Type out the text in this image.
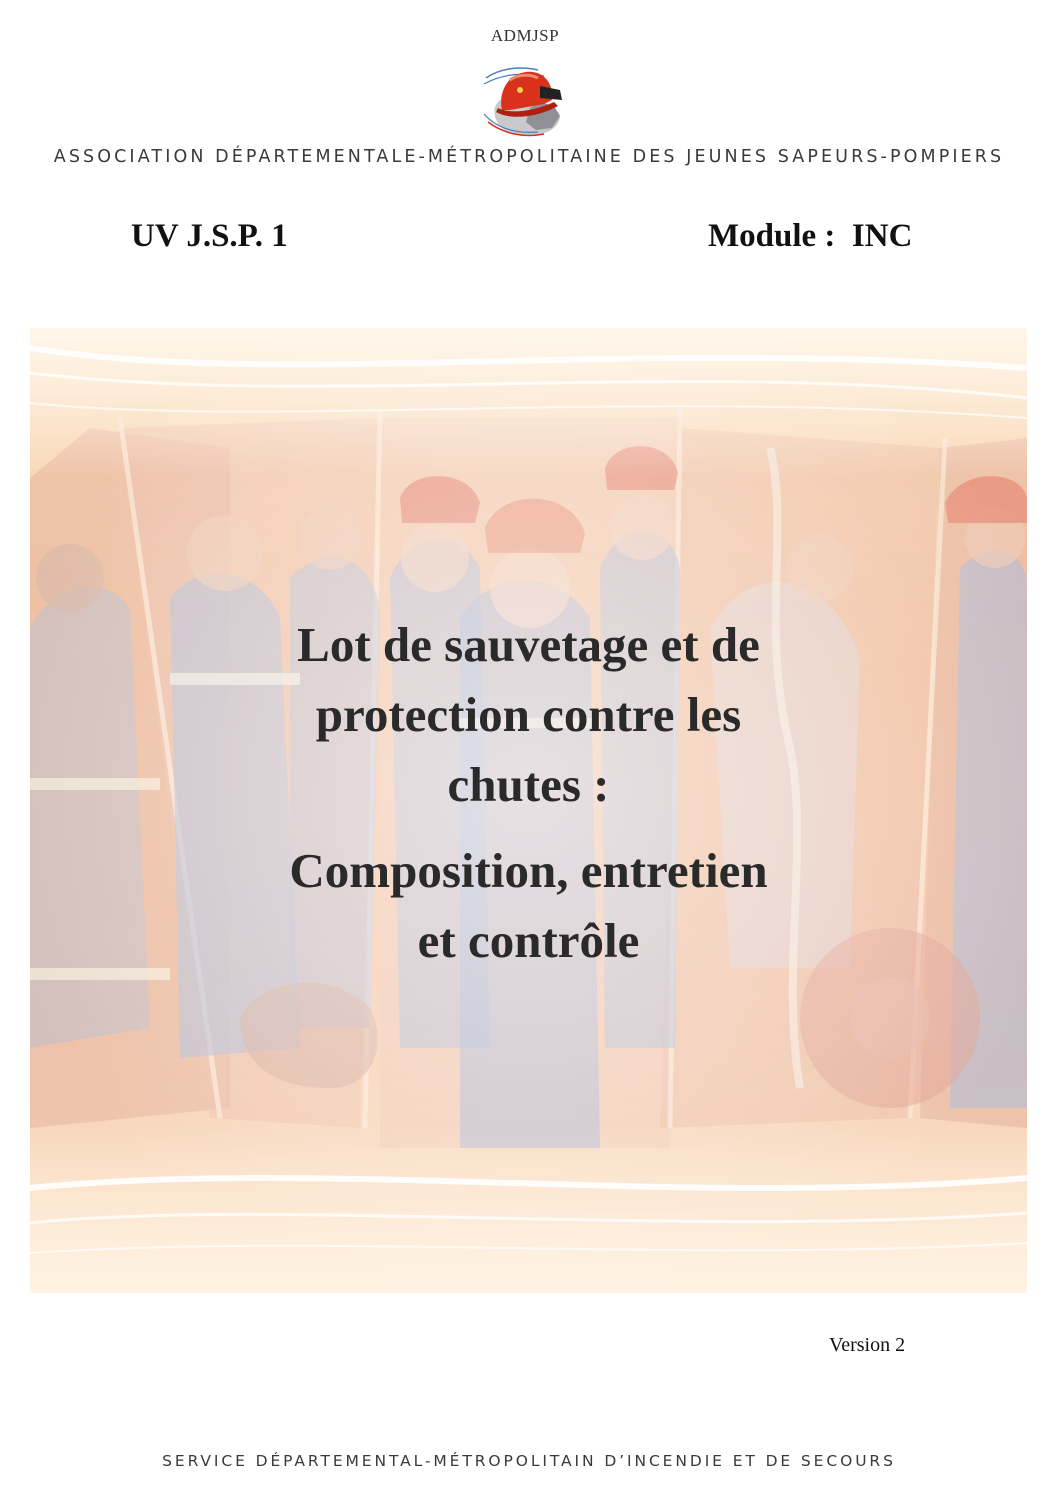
ADMJSP
ASSOCIATION DÉPARTEMENTALE-MÉTROPOLITAINE DES JEUNES SAPEURS-POMPIERS
UV J.S.P. 1	Module :  INC
Lot de sauvetage et de
protection contre les
chutes :
Composition, entretien
et contrôle
Version 2
SERVICE DÉPARTEMENTAL-MÉTROPOLITAIN D’INCENDIE ET DE SECOURS
